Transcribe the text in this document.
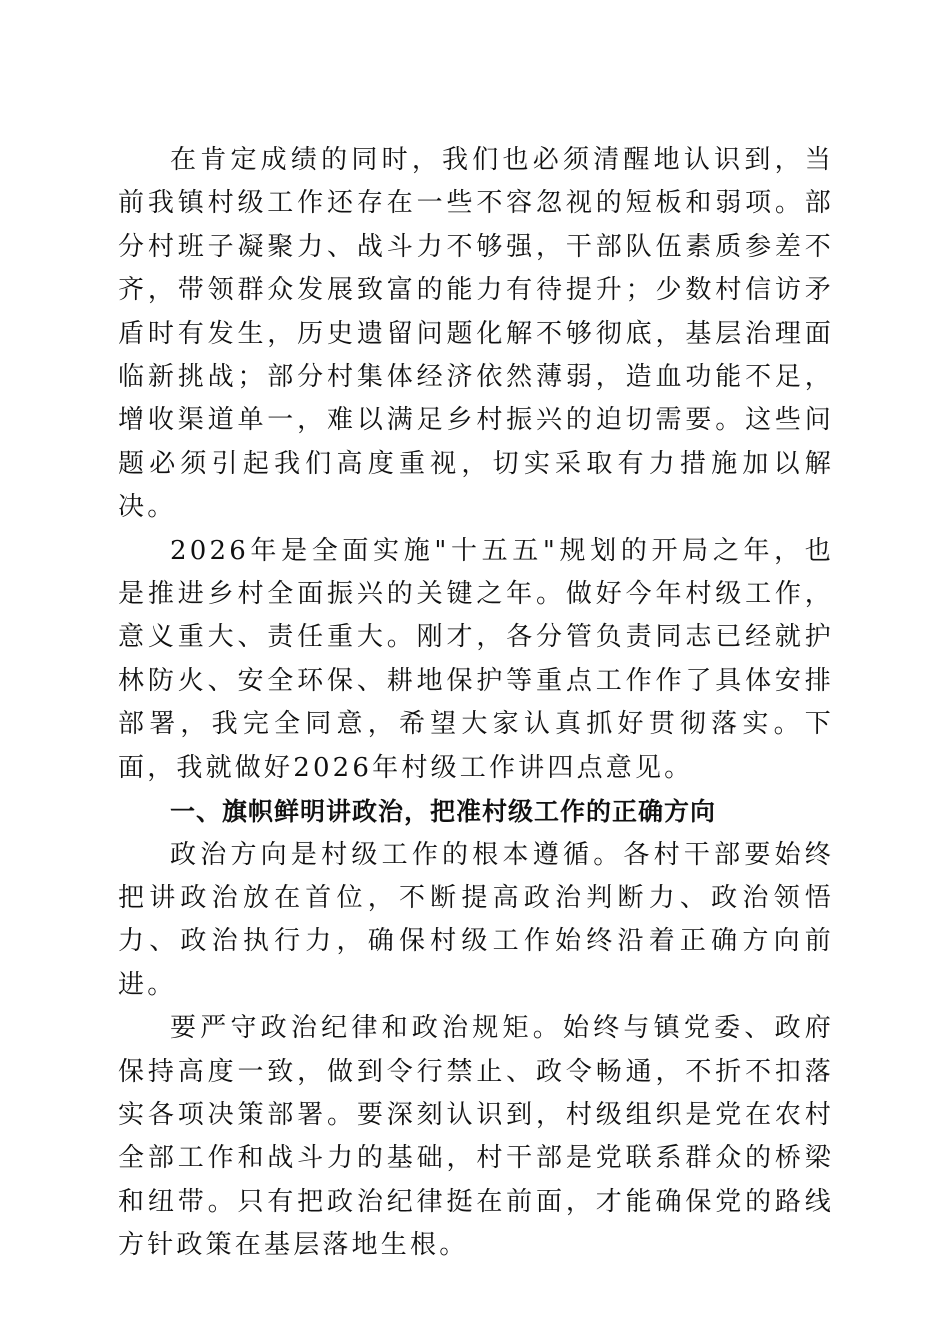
在肯定成绩的同时，我们也必须清醒地认识到，当前我镇村级工作还存在一些不容忽视的短板和弱项。部分村班子凝聚力、战斗力不够强，干部队伍素质参差不齐，带领群众发展致富的能力有待提升；少数村信访矛盾时有发生，历史遗留问题化解不够彻底，基层治理面临新挑战；部分村集体经济依然薄弱，造血功能不足，增收渠道单一，难以满足乡村振兴的迫切需要。这些问题必须引起我们高度重视，切实采取有力措施加以解决。

2026年是全面实施"十五五"规划的开局之年，也是推进乡村全面振兴的关键之年。做好今年村级工作，意义重大、责任重大。刚才，各分管负责同志已经就护林防火、安全环保、耕地保护等重点工作作了具体安排部署，我完全同意，希望大家认真抓好贯彻落实。下面，我就做好2026年村级工作讲四点意见。

一、旗帜鲜明讲政治，把准村级工作的正确方向

政治方向是村级工作的根本遵循。各村干部要始终把讲政治放在首位，不断提高政治判断力、政治领悟力、政治执行力，确保村级工作始终沿着正确方向前进。

要严守政治纪律和政治规矩。始终与镇党委、政府保持高度一致，做到令行禁止、政令畅通，不折不扣落实各项决策部署。要深刻认识到，村级组织是党在农村全部工作和战斗力的基础，村干部是党联系群众的桥梁和纽带。只有把政治纪律挺在前面，才能确保党的路线方针政策在基层落地生根。
